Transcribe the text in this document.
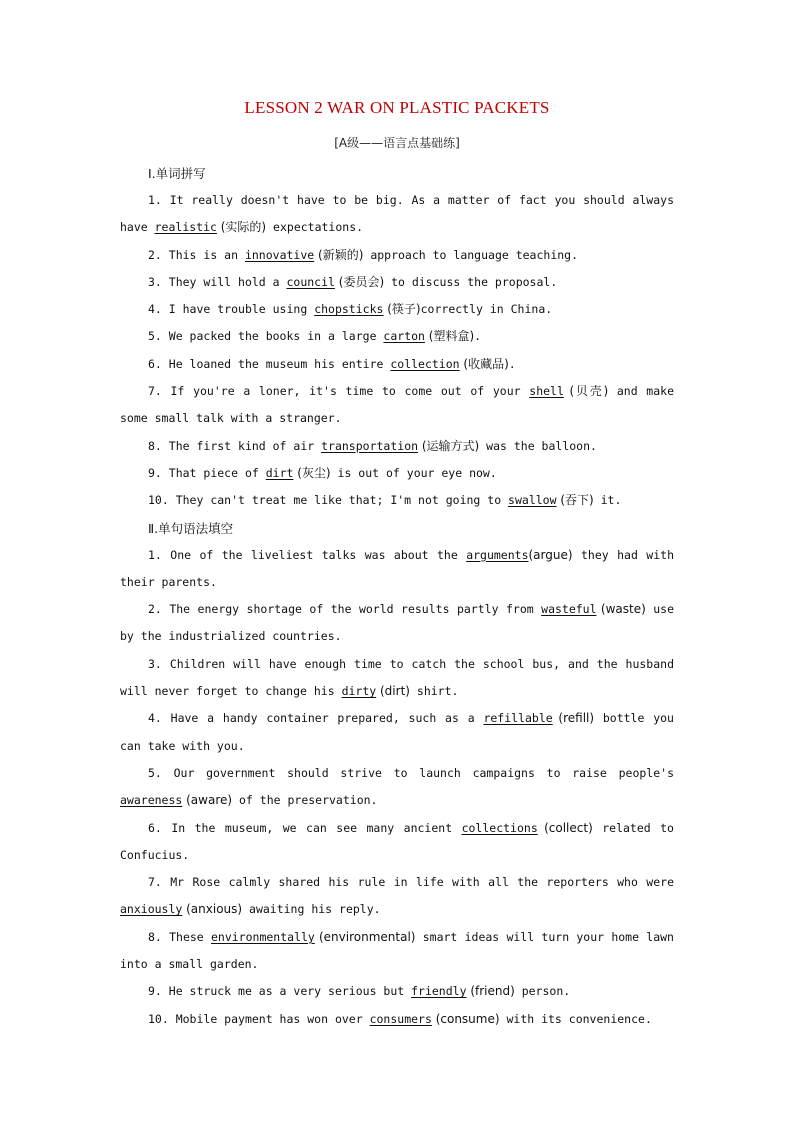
LESSON 2 WAR ON PLASTIC PACKETS
[A级——语言点基础练]
Ⅰ.单词拼写

1. It really doesn't have to be big. As a matter of fact you should always have realistic (实际的) expectations.

2. This is an innovative (新颖的) approach to language teaching.

3. They will hold a council (委员会) to discuss the proposal.

4. I have trouble using chopsticks (筷子)correctly in China.

5. We packed the books in a large carton (塑料盒).

6. He loaned the museum his entire collection (收藏品).

7. If you're a loner, it's time to come out of your shell (贝壳) and make some small talk with a stranger.

8. The first kind of air transportation (运输方式) was the balloon.

9. That piece of dirt (灰尘) is out of your eye now.

10. They can't treat me like that; I'm not going to swallow (吞下) it.

Ⅱ.单句语法填空

1. One of the liveliest talks was about the arguments(argue) they had with their parents.

2. The energy shortage of the world results partly from wasteful (waste) use by the industrialized countries.

3. Children will have enough time to catch the school bus, and the husband will never forget to change his dirty (dirt) shirt.

4. Have a handy container prepared, such as a refillable (refill) bottle you can take with you.

5. Our government should strive to launch campaigns to raise people's awareness (aware) of the preservation.

6. In the museum, we can see many ancient collections (collect) related to Confucius.

7. Mr Rose calmly shared his rule in life with all the reporters who were anxiously (anxious) awaiting his reply.

8. These environmentally (environmental) smart ideas will turn your home lawn into a small garden.

9. He struck me as a very serious but friendly (friend) person.

10. Mobile payment has won over consumers (consume) with its convenience.
